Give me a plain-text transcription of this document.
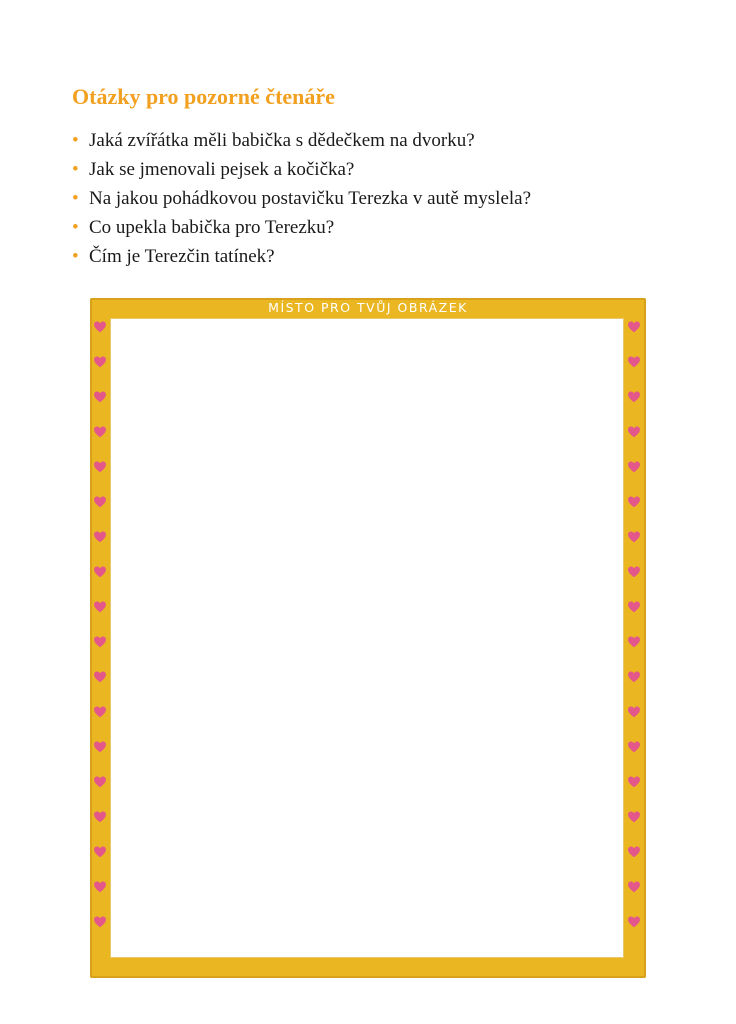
Otázky pro pozorné čtenáře
• Jaká zvířátka měli babička s dědečkem na dvorku?
• Jak se jmenovali pejsek a kočička?
• Na jakou pohádkovou postavičku Terezka v autě myslela?
• Co upekla babička pro Terezku?
• Čím je Terezčin tatínek?
MÍSTO PRO TVŮJ OBRÁZEK
